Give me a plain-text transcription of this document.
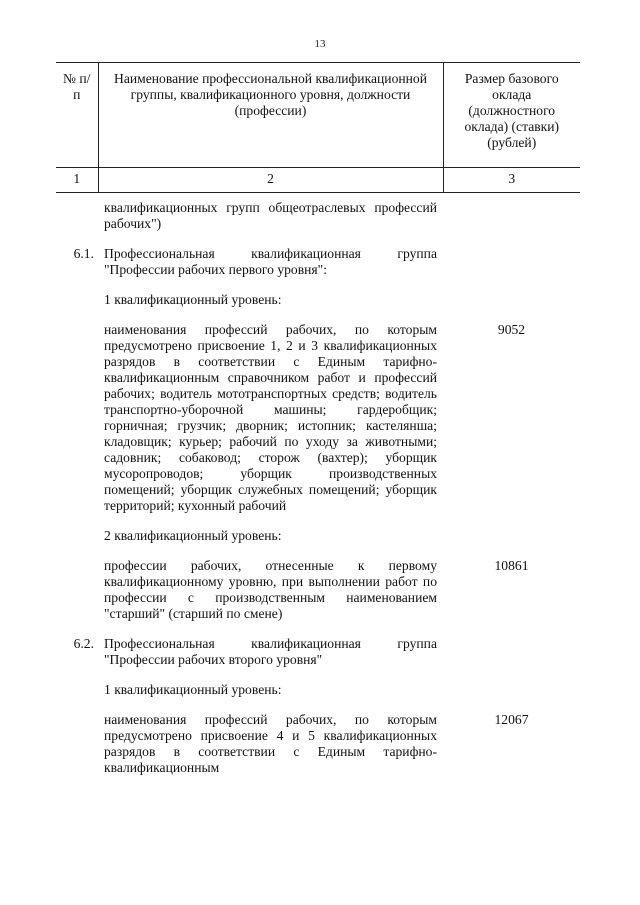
13
№ п/п	Наименование профессиональной квалификационной группы, квалификационного уровня, должности (профессии)	Размер базового оклада (должностного оклада) (ставки) (рублей)
1	2	3
	квалификационных групп общеотраслевых профессий рабочих")	
6.1.	Профессиональная квалификационная группа "Профессии рабочих первого уровня":	
	1 квалификационный уровень:	
	наименования профессий рабочих, по которым предусмотрено присвоение 1, 2 и 3 квалификационных разрядов в соответствии с Единым тарифно-квалификационным справочником работ и профессий рабочих; водитель мототранспортных средств; водитель транспортно-уборочной машины; гардеробщик; горничная; грузчик; дворник; истопник; кастелянша; кладовщик; курьер; рабочий по уходу за животными; садовник; собаковод; сторож (вахтер); уборщик мусоропроводов; уборщик производственных помещений; уборщик служебных помещений; уборщик территорий; кухонный рабочий	9052
	2 квалификационный уровень:	
	профессии рабочих, отнесенные к первому квалификационному уровню, при выполнении работ по профессии с производственным наименованием "старший" (старший по смене)	10861
6.2.	Профессиональная квалификационная группа "Профессии рабочих второго уровня"	
	1 квалификационный уровень:	
	наименования профессий рабочих, по которым предусмотрено присвоение 4 и 5 квалификационных разрядов в соответствии с Единым тарифно-квалификационным	12067
